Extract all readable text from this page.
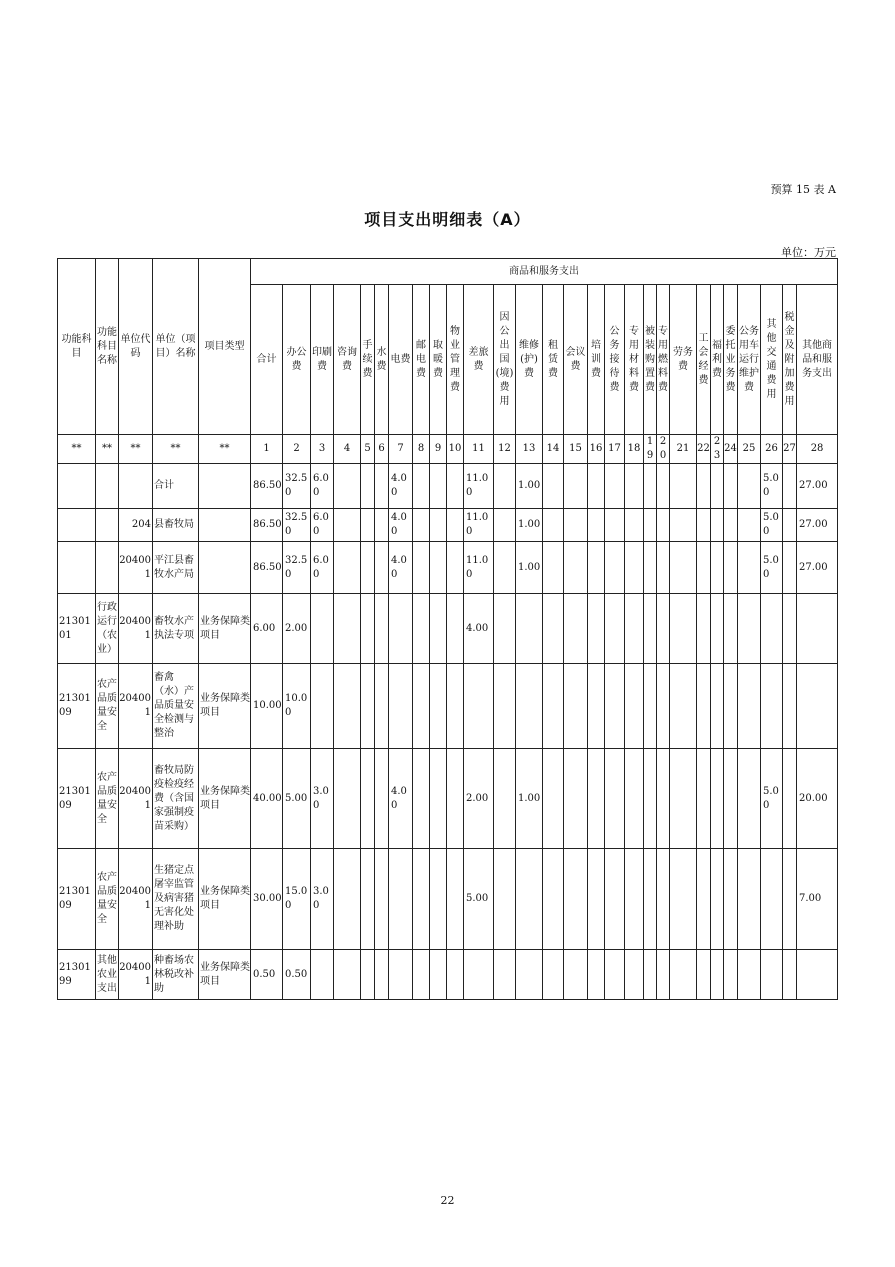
预算 15 表 A
项目支出明细表（A）
单位：万元
功能科目	功能科目名称	单位代码	单位（项目）名称	项目类型	商品和服务支出																											
					合计	办公费	印刷费	咨询费	手续费	水费	电费	邮电费	取暖费	物业管理费	差旅费	因公出国(境)费用	维修(护)费	租赁费	会议费	培训费	公务接待费	专用材料费	被装购置费	专用燃料费	劳务费	工会经费	福利费	委托业务费	公务用车运行维护费	其他交通费用	税金及附加费用	其他商品和服务支出
**	**	**	**	**	1	2	3	4	5	6	7	8	9	10	11	12	13	14	15	16	17	18	19	20	21	22	23	24	25	26	27	28
			合计		86.50	32.50	6.00				4.00				11.00		1.00													5.00		27.00
		204	县畜牧局		86.50	32.50	6.00				4.00				11.00		1.00													5.00		27.00
		204001	平江县畜牧水产局		86.50	32.50	6.00				4.00				11.00		1.00													5.00		27.00
2130101	行政运行（农业）	204001	畜牧水产执法专项	业务保障类项目	6.00	2.00									4.00																	
2130109	农产品质量安全	204001	畜禽（水）产品质量安全检测与整治	业务保障类项目	10.00	10.00																										
2130109	农产品质量安全	204001	畜牧局防疫检疫经费（含国家强制疫苗采购）	业务保障类项目	40.00	5.00	3.00				4.00				2.00		1.00													5.00		20.00
2130109	农产品质量安全	204001	生猪定点屠宰监管及病害猪无害化处理补助	业务保障类项目	30.00	15.00	3.00								5.00																	7.00
2130199	其他农业支出	204001	种畜场农林税改补助	业务保障类项目	0.50	0.50																										
22
